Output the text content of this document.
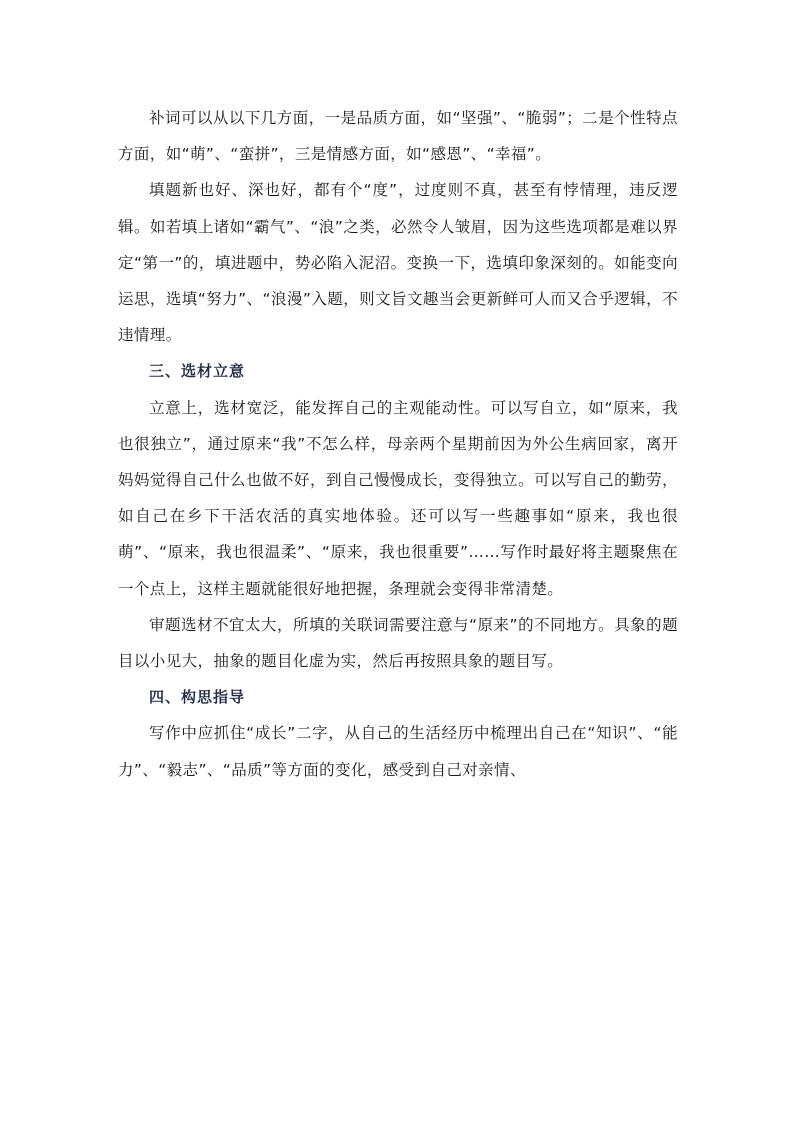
补词可以从以下几方面，一是品质方面，如“坚强”、“脆弱”；二是个性特点方面，如“萌”、“蛮拼”，三是情感方面，如“感恩”、“幸福”。

填题新也好、深也好，都有个“度”，过度则不真，甚至有悖情理，违反逻辑。如若填上诸如“霸气”、“浪”之类，必然令人皱眉，因为这些选项都是难以界定“第一”的，填进题中，势必陷入泥沼。变换一下，选填印象深刻的。如能变向运思，选填“努力”、“浪漫”入题，则文旨文趣当会更新鲜可人而又合乎逻辑，不违情理。

三、选材立意

立意上，选材宽泛，能发挥自己的主观能动性。可以写自立，如“原来，我也很独立”，通过原来“我”不怎么样，母亲两个星期前因为外公生病回家，离开妈妈觉得自己什么也做不好，到自己慢慢成长，变得独立。可以写自己的勤劳，如自己在乡下干活农活的真实地体验。还可以写一些趣事如“原来，我也很萌”、“原来，我也很温柔”、“原来，我也很重要”……写作时最好将主题聚焦在一个点上，这样主题就能很好地把握，条理就会变得非常清楚。

审题选材不宜太大，所填的关联词需要注意与“原来”的不同地方。具象的题目以小见大，抽象的题目化虚为实，然后再按照具象的题目写。

四、构思指导

写作中应抓住“成长”二字，从自己的生活经历中梳理出自己在“知识”、“能力”、“毅志”、“品质”等方面的变化，感受到自己对亲情、
